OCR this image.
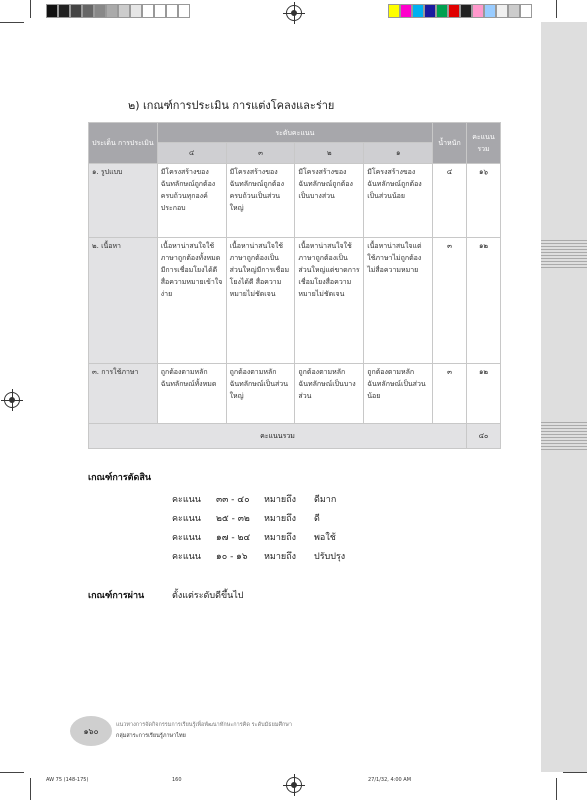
๒) เกณฑ์การประเมิน การแต่งโคลงและร่าย
ประเด็น การประเมิน	ระดับคะแนน				น้ำหนัก	คะแนน รวม
	๔	๓	๒	๑		
๑. รูปแบบ	มีโครงสร้างของฉันทลักษณ์ถูกต้องครบถ้วนทุกองค์ประกอบ	มีโครงสร้างของฉันทลักษณ์ถูกต้องครบถ้วนเป็นส่วนใหญ่	มีโครงสร้างของฉันทลักษณ์ถูกต้องเป็นบางส่วน	มีโครงสร้างของฉันทลักษณ์ถูกต้องเป็นส่วนน้อย	๔	๑๖
๒. เนื้อหา	เนื้อหาน่าสนใจใช้ภาษาถูกต้องทั้งหมด มีการเชื่อมโยงได้ดีสื่อความหมายเข้าใจง่าย	เนื้อหาน่าสนใจใช้ภาษาถูกต้องเป็นส่วนใหญ่มีการเชื่อมโยงได้ดี สื่อความหมายไม่ชัดเจน	เนื้อหาน่าสนใจใช้ภาษาถูกต้องเป็นส่วนใหญ่แต่ขาดการเชื่อมโยงสื่อความหมายไม่ชัดเจน	เนื้อหาน่าสนใจแต่ใช้ภาษาไม่ถูกต้องไม่สื่อความหมาย	๓	๑๒
๓. การใช้ภาษา	ถูกต้องตามหลักฉันทลักษณ์ทั้งหมด	ถูกต้องตามหลักฉันทลักษณ์เป็นส่วนใหญ่	ถูกต้องตามหลักฉันทลักษณ์เป็นบางส่วน	ถูกต้องตามหลักฉันทลักษณ์เป็นส่วนน้อย	๓	๑๒
คะแนนรวม						๔๐
เกณฑ์การตัดสิน
คะแนน ๓๓ - ๔๐ หมายถึง ดีมาก
คะแนน ๒๕ - ๓๒ หมายถึง ดี
คะแนน ๑๗ - ๒๔ หมายถึง พอใช้
คะแนน ๑๐ - ๑๖ หมายถึง ปรับปรุง
เกณฑ์การผ่าน	ตั้งแต่ระดับดีขึ้นไป
๑๖๐
แนวทางการจัดกิจกรรมการเรียนรู้เพื่อพัฒนาทักษะการคิด ระดับมัธยมศึกษา
กลุ่มสาระการเรียนรู้ภาษาไทย
AW 75 (148-175)	160	27/1/32, 4:00 AM
